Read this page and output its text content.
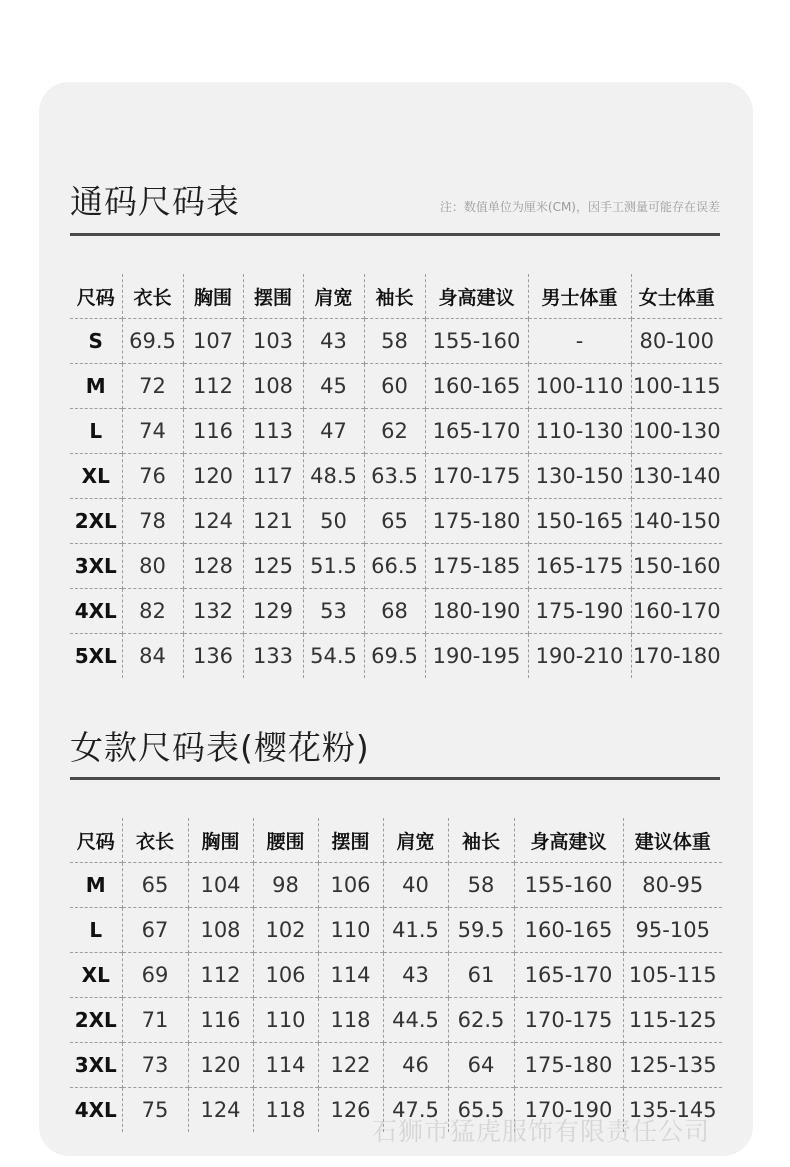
通码尺码表	注：数值单位为厘米(CM)，因手工测量可能存在误差
尺码	衣长	胸围	摆围	肩宽	袖长	身高建议	男士体重	女士体重
S	69.5	107	103	43	58	155-160	-	80-100
M	72	112	108	45	60	160-165	100-110	100-115
L	74	116	113	47	62	165-170	110-130	100-130
XL	76	120	117	48.5	63.5	170-175	130-150	130-140
2XL	78	124	121	50	65	175-180	150-165	140-150
3XL	80	128	125	51.5	66.5	175-185	165-175	150-160
4XL	82	132	129	53	68	180-190	175-190	160-170
5XL	84	136	133	54.5	69.5	190-195	190-210	170-180
女款尺码表(樱花粉)
尺码	衣长	胸围	腰围	摆围	肩宽	袖长	身高建议	建议体重
M	65	104	98	106	40	58	155-160	80-95
L	67	108	102	110	41.5	59.5	160-165	95-105
XL	69	112	106	114	43	61	165-170	105-115
2XL	71	116	110	118	44.5	62.5	170-175	115-125
3XL	73	120	114	122	46	64	175-180	125-135
4XL	75	124	118	126	47.5	65.5	170-190	135-145
石狮市猛虎服饰有限责任公司
